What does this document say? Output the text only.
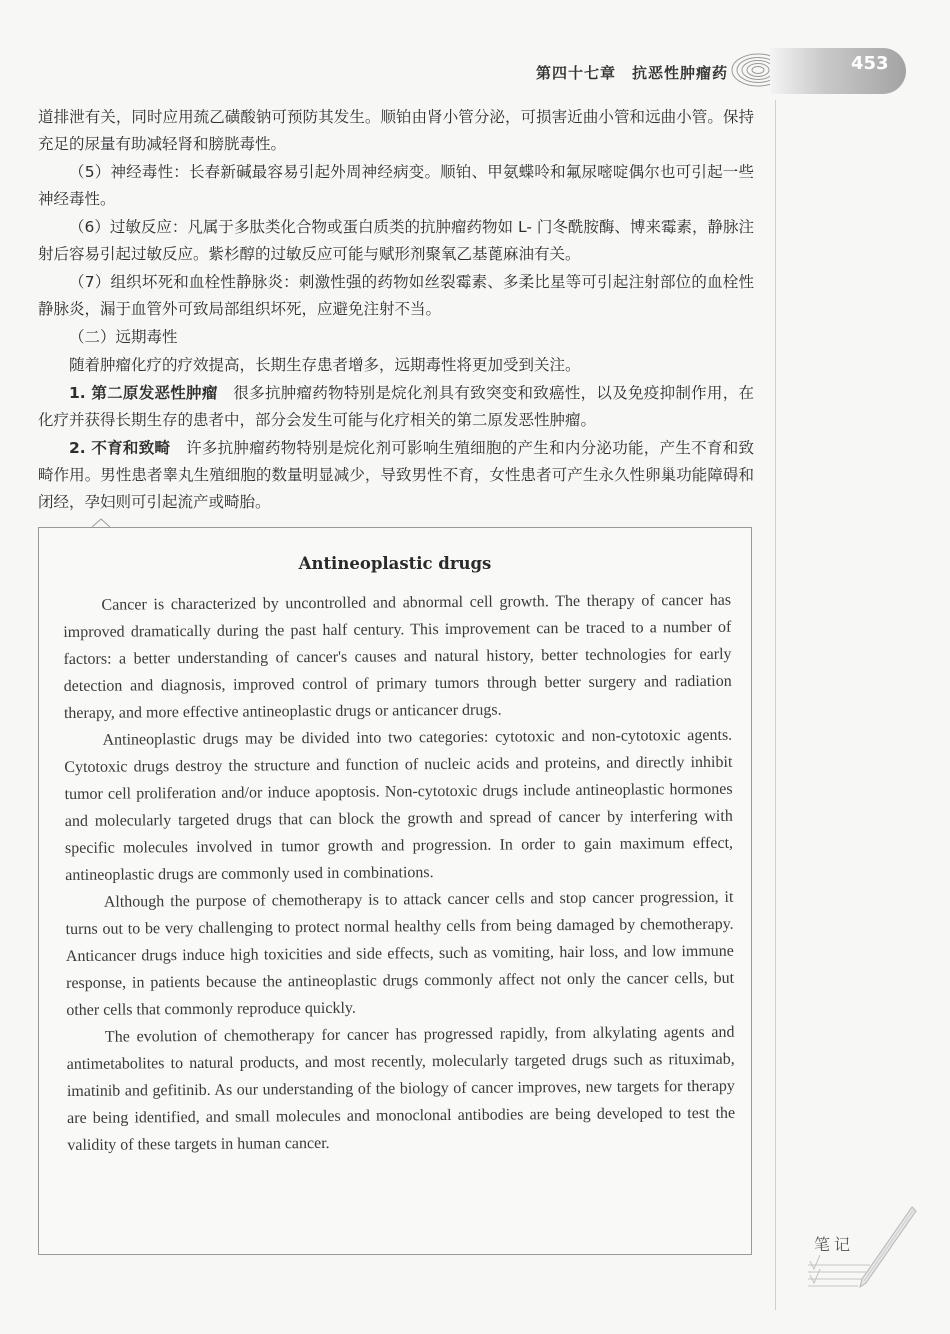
第四十七章　抗恶性肿瘤药	453

道排泄有关，同时应用巯乙磺酸钠可预防其发生。顺铂由肾小管分泌，可损害近曲小管和远曲小管。保持充足的尿量有助减轻肾和膀胱毒性。

（5）神经毒性：长春新碱最容易引起外周神经病变。顺铂、甲氨蝶呤和氟尿嘧啶偶尔也可引起一些神经毒性。

（6）过敏反应：凡属于多肽类化合物或蛋白质类的抗肿瘤药物如 L- 门冬酰胺酶、博来霉素，静脉注射后容易引起过敏反应。紫杉醇的过敏反应可能与赋形剂聚氧乙基蓖麻油有关。

（7）组织坏死和血栓性静脉炎：刺激性强的药物如丝裂霉素、多柔比星等可引起注射部位的血栓性静脉炎，漏于血管外可致局部组织坏死，应避免注射不当。

（二）远期毒性

随着肿瘤化疗的疗效提高，长期生存患者增多，远期毒性将更加受到关注。

1. 第二原发恶性肿瘤　很多抗肿瘤药物特别是烷化剂具有致突变和致癌性，以及免疫抑制作用，在化疗并获得长期生存的患者中，部分会发生可能与化疗相关的第二原发恶性肿瘤。

2. 不育和致畸　许多抗肿瘤药物特别是烷化剂可影响生殖细胞的产生和内分泌功能，产生不育和致畸作用。男性患者睾丸生殖细胞的数量明显减少，导致男性不育，女性患者可产生永久性卵巢功能障碍和闭经，孕妇则可引起流产或畸胎。

Antineoplastic drugs

Cancer is characterized by uncontrolled and abnormal cell growth. The therapy of cancer has improved dramatically during the past half century. This improvement can be traced to a number of factors: a better understanding of cancer's causes and natural history, better technologies for early detection and diagnosis, improved control of primary tumors through better surgery and radiation therapy, and more effective antineoplastic drugs or anticancer drugs.

Antineoplastic drugs may be divided into two categories: cytotoxic and non-cytotoxic agents. Cytotoxic drugs destroy the structure and function of nucleic acids and proteins, and directly inhibit tumor cell proliferation and/or induce apoptosis. Non-cytotoxic drugs include antineoplastic hormones and molecularly targeted drugs that can block the growth and spread of cancer by interfering with specific molecules involved in tumor growth and progression. In order to gain maximum effect, antineoplastic drugs are commonly used in combinations.

Although the purpose of chemotherapy is to attack cancer cells and stop cancer progression, it turns out to be very challenging to protect normal healthy cells from being damaged by chemotherapy. Anticancer drugs induce high toxicities and side effects, such as vomiting, hair loss, and low immune response, in patients because the antineoplastic drugs commonly affect not only the cancer cells, but other cells that commonly reproduce quickly.

The evolution of chemotherapy for cancer has progressed rapidly, from alkylating agents and antimetabolites to natural products, and most recently, molecularly targeted drugs such as rituximab, imatinib and gefitinib. As our understanding of the biology of cancer improves, new targets for therapy are being identified, and small molecules and monoclonal antibodies are being developed to test the validity of these targets in human cancer.

笔记
